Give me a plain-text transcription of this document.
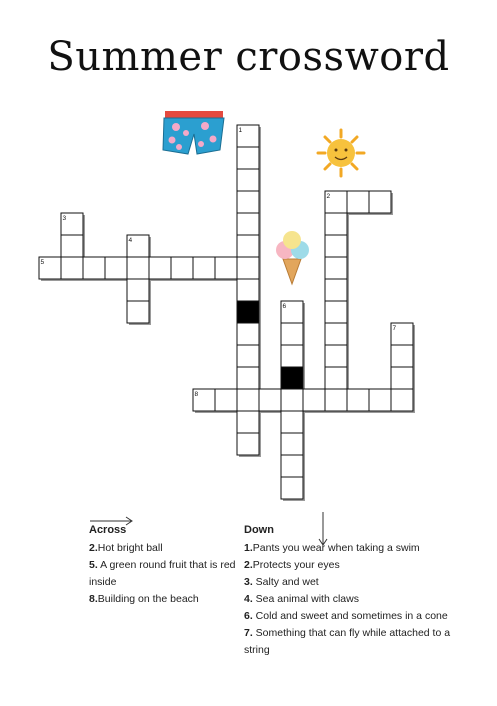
Summer crossword
1
2
3
4
5
6
7
8
Across
2.Hot bright ball
5. A green round fruit that is red inside
8.Building on the beach
Down
1.Pants you wear when taking a swim
2.Protects your eyes
3. Salty and wet
4. Sea animal with claws
6. Cold and sweet and sometimes in a cone
7. Something that can fly while attached to a string
